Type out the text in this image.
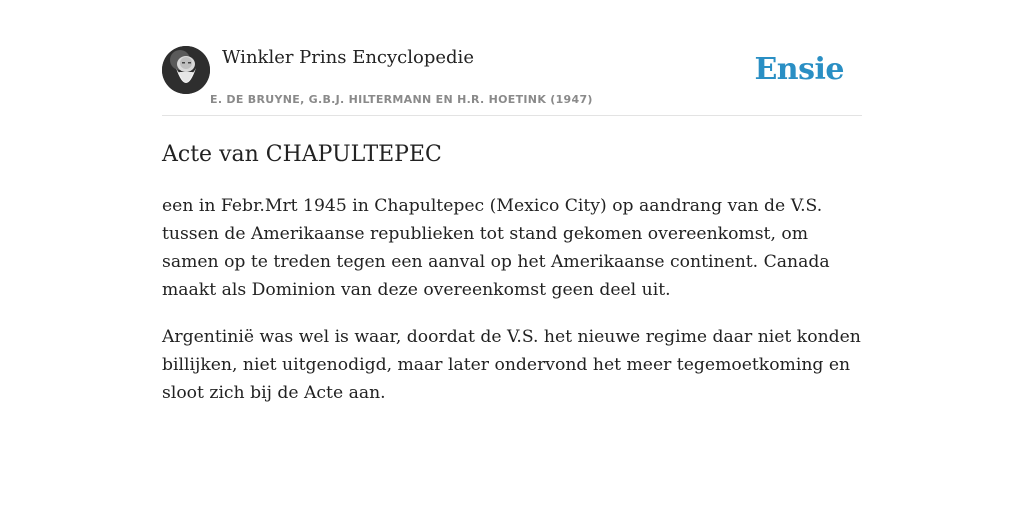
Winkler Prins Encyclopedie
E. DE BRUYNE, G.B.J. HILTERMANN EN H.R. HOETINK (1947)
Ensie
Acte van CHAPULTEPEC

een in Febr.Mrt 1945 in Chapultepec (Mexico City) op aandrang van de V.S. tussen de Amerikaanse republieken tot stand gekomen overeenkomst, om samen op te treden tegen een aanval op het Amerikaanse continent. Canada maakt als Dominion van deze overeenkomst geen deel uit.

Argentinië was wel is waar, doordat de V.S. het nieuwe regime daar niet konden billijken, niet uitgenodigd, maar later ondervond het meer tegemoetkoming en sloot zich bij de Acte aan.
